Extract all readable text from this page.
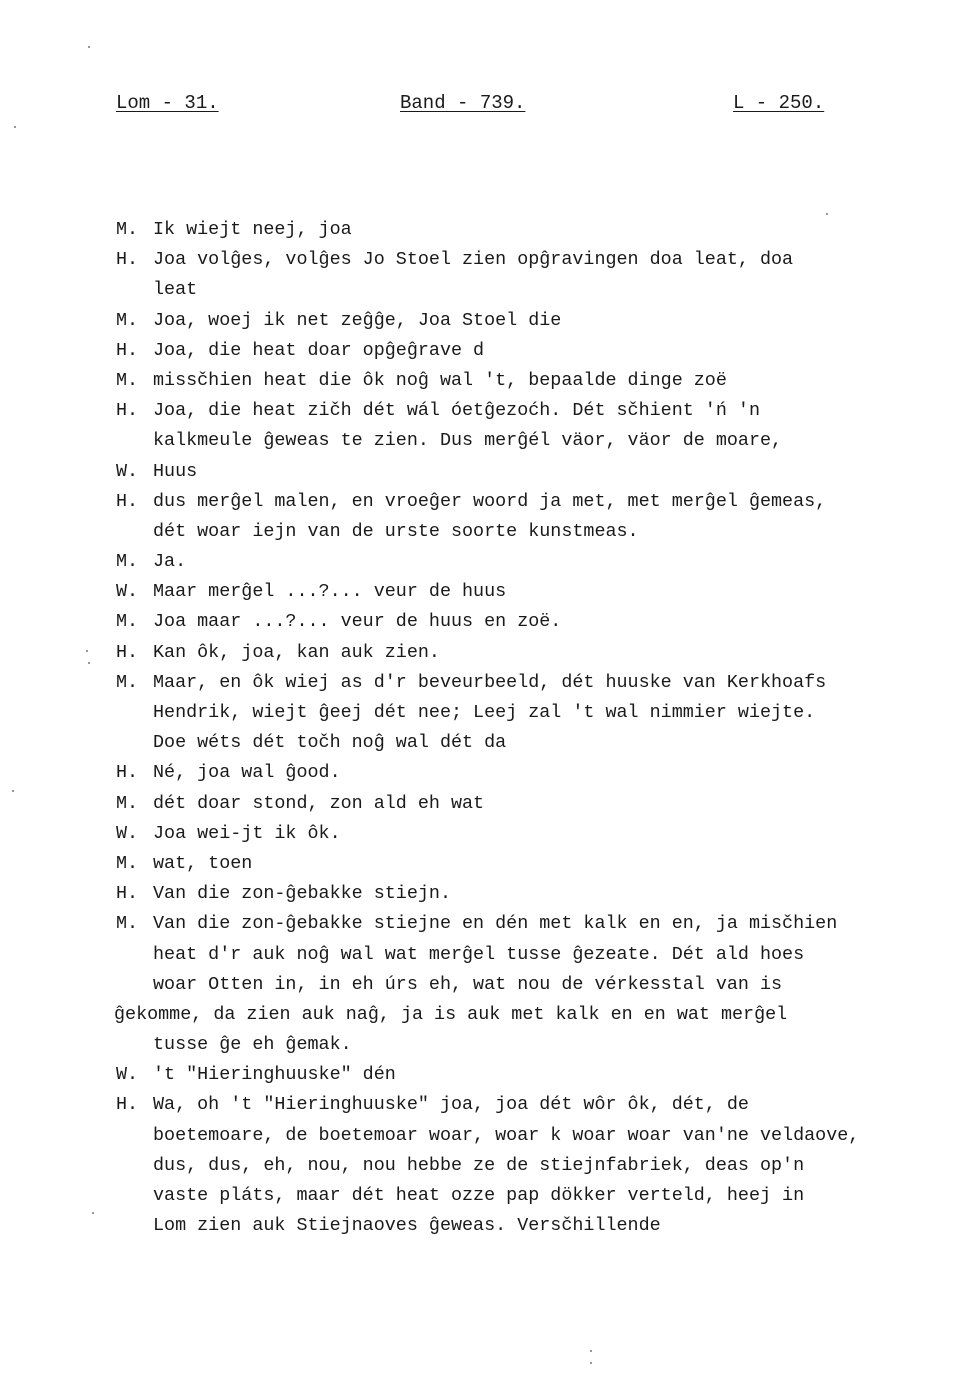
Lom - 31.	Band - 739.	L - 250.
M. Ik wiejt neej, joa
H. Joa volĝes, volĝes Jo Stoel zien opĝravingen doa leat, doa
leat
M. Joa, woej ik net zeĝĝe, Joa Stoel die
H. Joa, die heat doar opĝeĝrave d
M. missčhien heat die ôk noĝ wal 't, bepaalde dinge zoë
H. Joa, die heat zičh dét wál óetĝezoćh. Dét sčhient 'ń 'n
kalkmeule ĝeweas te zien. Dus merĝél väor, väor de moare,
W. Huus
H. dus merĝel malen, en vroeĝer woord ja met, met merĝel ĝemeas,
dét woar iejn van de urste soorte kunstmeas.
M. Ja.
W. Maar merĝel ...?... veur de huus
M. Joa maar ...?... veur de huus en zoë.
H. Kan ôk, joa, kan auk zien.
M. Maar, en ôk wiej as d'r beveurbeeld, dét huuske van Kerkhoafs
Hendrik, wiejt ĝeej dét nee; Leej zal 't wal nimmier wiejte.
Doe wéts dét točh noĝ wal dét da
H. Né, joa wal ĝood.
M. dét doar stond, zon ald eh wat
W. Joa wei-jt ik ôk.
M. wat, toen
H. Van die zon-ĝebakke stiejn.
M. Van die zon-ĝebakke stiejne en dén met kalk en en, ja misčhien
heat d'r auk noĝ wal wat merĝel tusse ĝezeate. Dét ald hoes
woar Otten in, in eh úrs eh, wat nou de vérkesstal van is
ĝekomme, da zien auk naĝ, ja is auk met kalk en en wat merĝel
tusse ĝe eh ĝemak.
W. 't "Hieringhuuske" dén
H. Wa, oh 't "Hieringhuuske" joa, joa dét wôr ôk, dét, de
boetemoare, de boetemoar woar, woar k woar woar van'ne veldaove,
dus, dus, eh, nou, nou hebbe ze de stiejnfabriek, deas op'n
vaste pláts, maar dét heat ozze pap dökker verteld, heej in
Lom zien auk Stiejnaoves ĝeweas. Versčhillende
